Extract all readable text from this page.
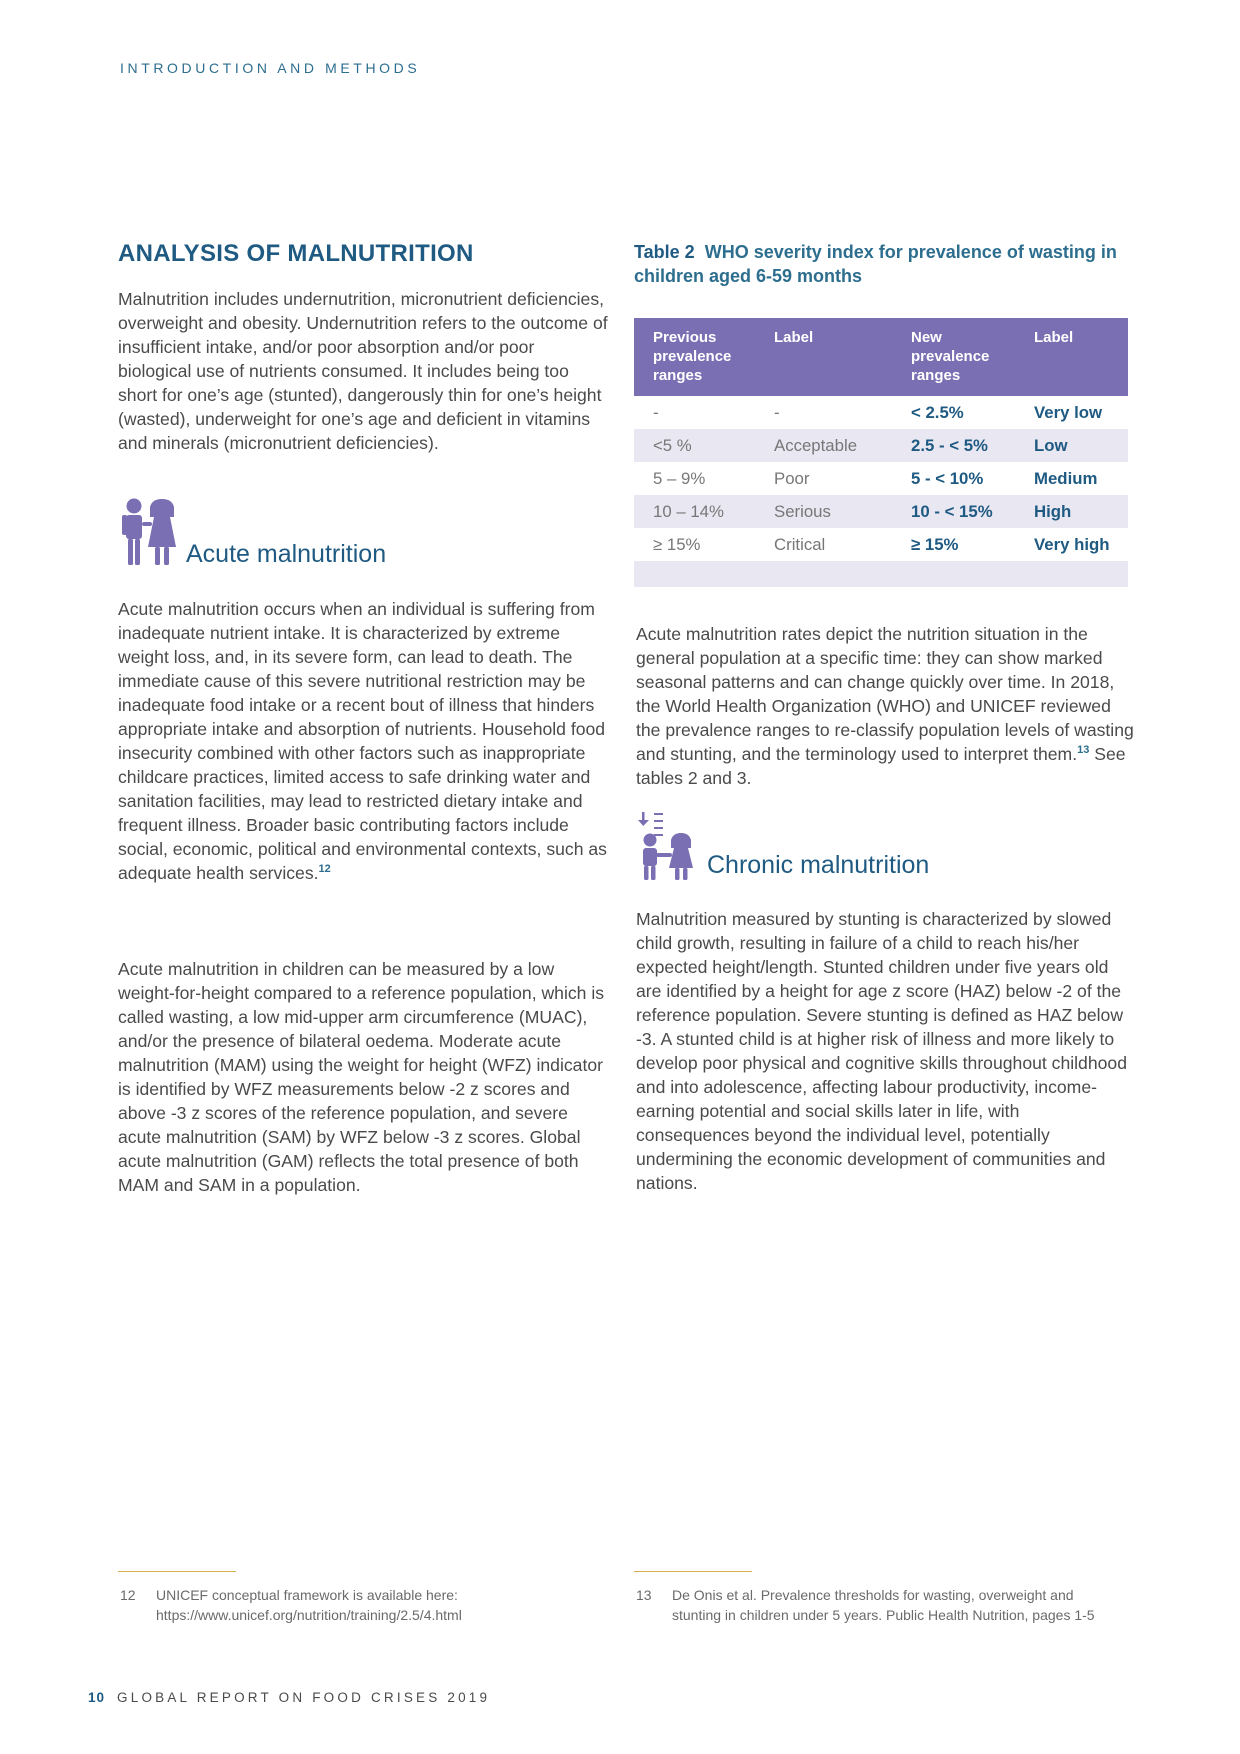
INTRODUCTION AND METHODS
ANALYSIS OF MALNUTRITION

Malnutrition includes undernutrition, micronutrient deficiencies, overweight and obesity. Undernutrition refers to the outcome of insufficient intake, and/or poor absorption and/or poor biological use of nutrients consumed. It includes being too short for one’s age (stunted), dangerously thin for one’s height (wasted), underweight for one’s age and deficient in vitamins and minerals (micronutrient deficiencies).

Acute malnutrition

Acute malnutrition occurs when an individual is suffering from inadequate nutrient intake. It is characterized by extreme weight loss, and, in its severe form, can lead to death. The immediate cause of this severe nutritional restriction may be inadequate food intake or a recent bout of illness that hinders appropriate intake and absorption of nutrients. Household food insecurity combined with other factors such as inappropriate childcare practices, limited access to safe drinking water and sanitation facilities, may lead to restricted dietary intake and frequent illness. Broader basic contributing factors include social, economic, political and environmental contexts, such as adequate health services.$^{12}$

Acute malnutrition in children can be measured by a low weight-for-height compared to a reference population, which is called wasting, a low mid-upper arm circumference (MUAC), and/or the presence of bilateral oedema. Moderate acute malnutrition (MAM) using the weight for height (WFZ) indicator is identified by WFZ measurements below -2 z scores and above -3 z scores of the reference population, and severe acute malnutrition (SAM) by WFZ below -3 z scores. Global acute malnutrition (GAM) reflects the total presence of both MAM and SAM in a population.

Table 2 WHO severity index for prevalence of wasting in children aged 6-59 months
Previous prevalence ranges	Label	New prevalence ranges	Label
-	-	< 2.5%	Very low
<5 %	Acceptable	2.5 - < 5%	Low
5 – 9%	Poor	5 - < 10%	Medium
10 – 14%	Serious	10 - < 15%	High
≥ 15%	Critical	≥ 15%	Very high

Acute malnutrition rates depict the nutrition situation in the general population at a specific time: they can show marked seasonal patterns and can change quickly over time. In 2018, the World Health Organization (WHO) and UNICEF reviewed the prevalence ranges to re-classify population levels of wasting and stunting, and the terminology used to interpret them.$^{13}$ See tables 2 and 3.

Chronic malnutrition

Malnutrition measured by stunting is characterized by slowed child growth, resulting in failure of a child to reach his/her expected height/length. Stunted children under five years old are identified by a height for age z score (HAZ) below -2 of the reference population. Severe stunting is defined as HAZ below -3. A stunted child is at higher risk of illness and more likely to develop poor physical and cognitive skills throughout childhood and into adolescence, affecting labour productivity, income-earning potential and social skills later in life, with consequences beyond the individual level, potentially undermining the economic development of communities and nations.

12 UNICEF conceptual framework is available here: https://www.unicef.org/nutrition/training/2.5/4.html
13 De Onis et al. Prevalence thresholds for wasting, overweight and stunting in children under 5 years. Public Health Nutrition, pages 1-5
10 GLOBAL REPORT ON FOOD CRISES 2019
